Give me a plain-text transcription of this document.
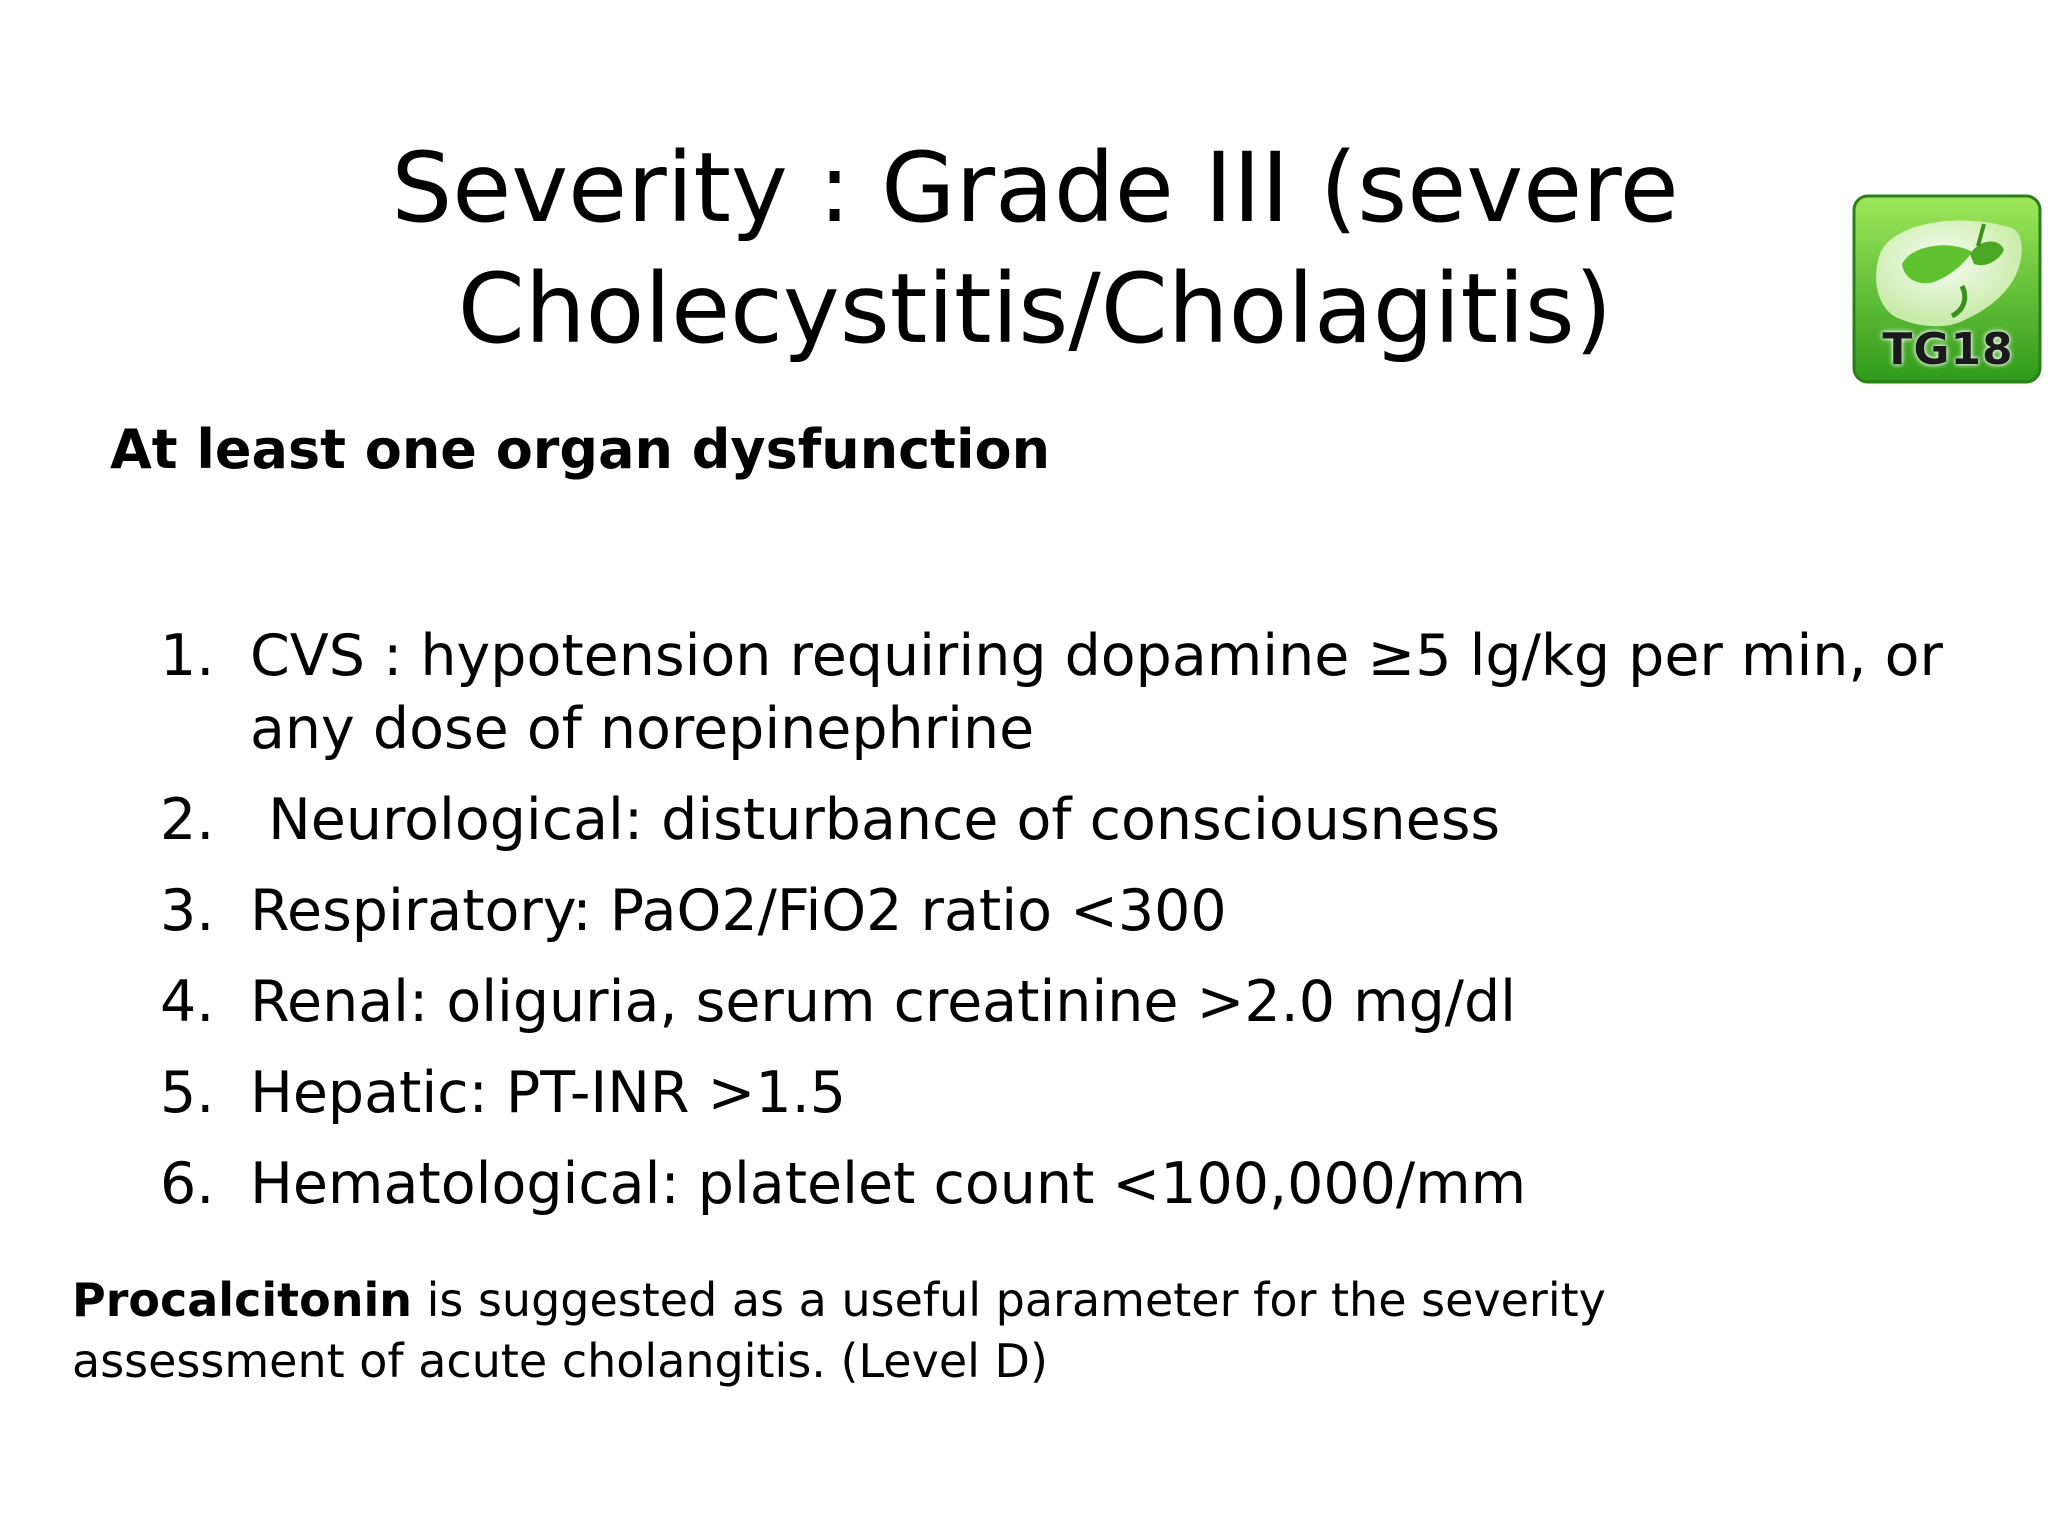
Severity : Grade III (severe
Cholecystitis/Cholagitis)	TG18
At least one organ dysfunction
1. CVS : hypotension requiring dopamine ≥5 lg/kg per min, or any dose of norepinephrine
2. Neurological: disturbance of consciousness
3. Respiratory: PaO2/FiO2 ratio <300
4. Renal: oliguria, serum creatinine >2.0 mg/dl
5. Hepatic: PT-INR >1.5
6. Hematological: platelet count <100,000/mm

Procalcitonin is suggested as a useful parameter for the severity assessment of acute cholangitis. (Level D)
